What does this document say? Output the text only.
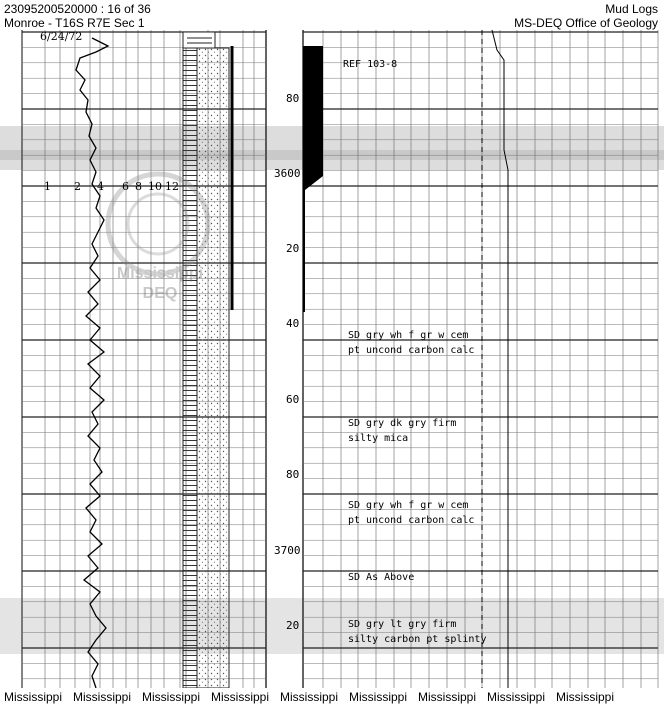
23095200520000 : 16 of 36
Monroe - T16S R7E Sec 1
Mud Logs
MS-DEQ Office of Geology
Mississippi
DEQ
6/24/72
1 2 4 6 8 10 12
80
3600
20
40
60
80
3700
20
REF 103-8
SD gry wh f gr w cem
pt uncond carbon calc
SD gry dk gry firm
silty mica
SD gry wh f gr w cem
pt uncond carbon calc
SD As Above
SD gry lt gry firm
silty carbon pt splinty
Mississippi Mississippi Mississippi Mississippi Mississippi Mississippi Mississippi Mississippi Mississippi
